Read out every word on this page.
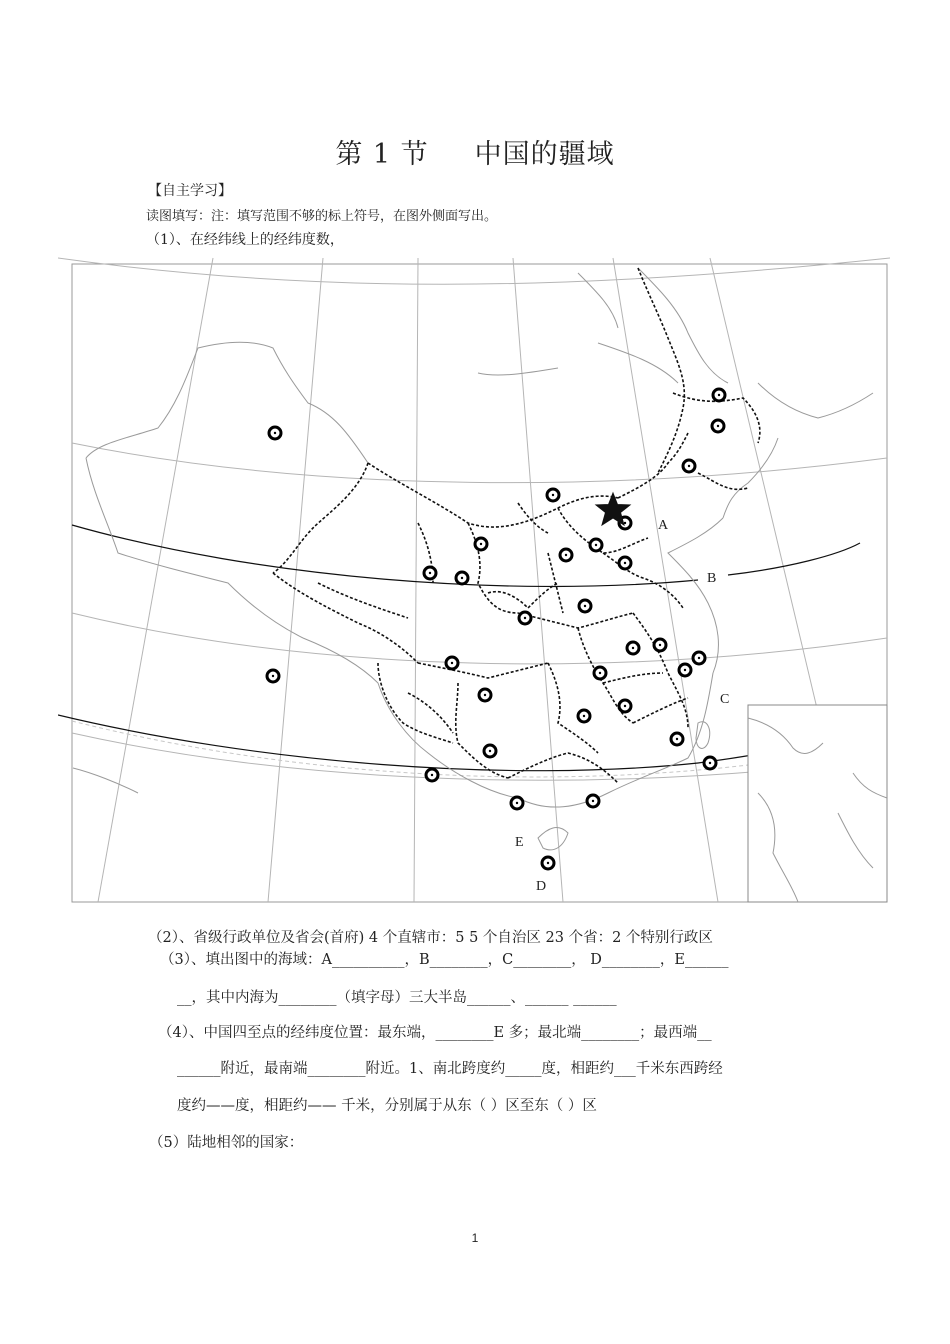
第 1 节 中国的疆域
【自主学习】
读图填写：注：填写范围不够的标上符号，在图外侧面写出。
（1）、在经纬线上的经纬度数，
A
B
C
D
E
（2）、省级行政单位及省会(首府) 4 个直辖市：5 5 个自治区 23 个省：2 个特别行政区
（3）、填出图中的海域：A__________，B________，C________， D________，E______
__，其中内海为________（填字母）三大半岛______、______ ______
（4）、中国四至点的经纬度位置：最东端，________E 多；最北端________；最西端__
______附近，最南端________附近。1、南北跨度约_____度，相距约___千米东西跨经
度约——度，相距约—— 千米，分别属于从东（ ）区至东（ ）区
（5）陆地相邻的国家：
1
